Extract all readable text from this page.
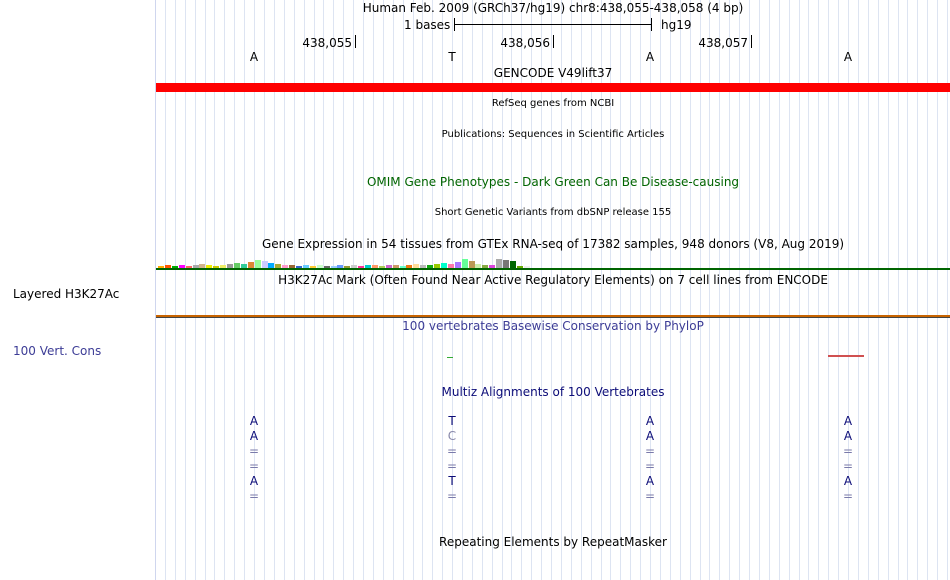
Layered H3K27Ac
100 Vert. Cons
Human Feb. 2009 (GRCh37/hg19) chr8:438,055-438,058 (4 bp)
1 bases	hg19
438,055	438,056	438,057
A	T	A	A
GENCODE V49lift37
RefSeq genes from NCBI
Publications: Sequences in Scientific Articles
OMIM Gene Phenotypes - Dark Green Can Be Disease-causing
Short Genetic Variants from dbSNP release 155
Gene Expression in 54 tissues from GTEx RNA-seq of 17382 samples, 948 donors (V8, Aug 2019)
H3K27Ac Mark (Often Found Near Active Regulatory Elements) on 7 cell lines from ENCODE
100 vertebrates Basewise Conservation by PhyloP
Multiz Alignments of 100 Vertebrates
A	T	A	A
A	C	A	A
=	=	=	=
=	=	=	=
A	T	A	A
=	=	=	=
Repeating Elements by RepeatMasker
